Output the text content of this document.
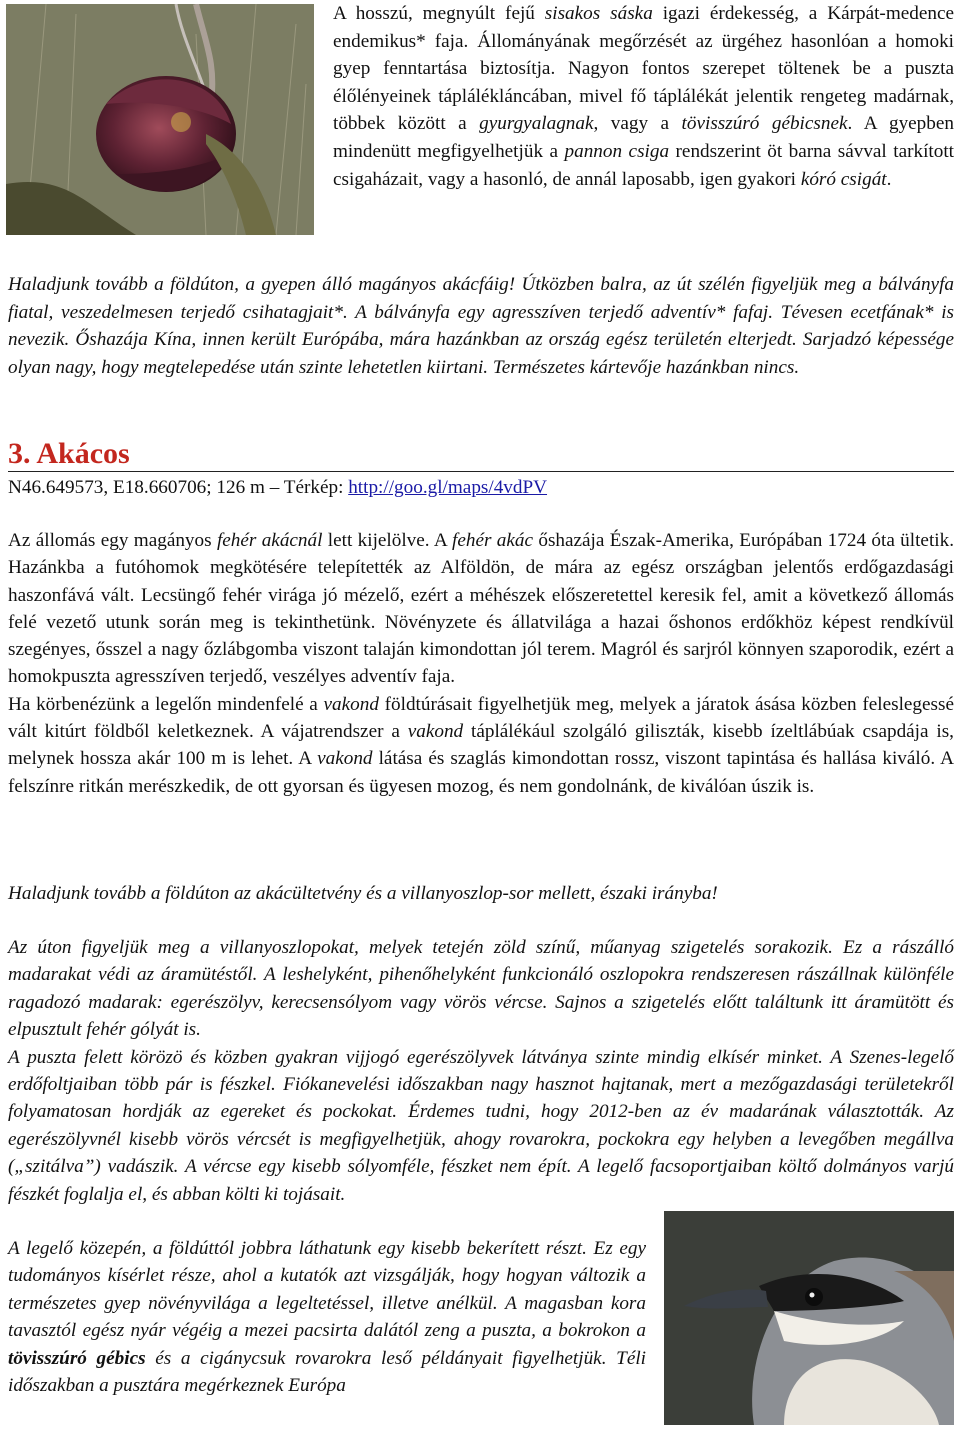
A hosszú, megnyúlt fejű sisakos sáska igazi érdekesség, a Kárpát-medence endemikus* faja. Állományának megőrzését az ürgéhez hasonlóan a homoki gyep fenntartása biztosítja. Nagyon fontos szerepet töltenek be a puszta élőlényeinek táplálékláncában, mivel fő táplálékát jelentik rengeteg madárnak, többek között a gyurgyalagnak, vagy a tövisszúró gébicsnek. A gyepben mindenütt megfigyelhetjük a pannon csiga rendszerint öt barna sávval tarkított csigaházait, vagy a hasonló, de annál laposabb, igen gyakori kóró csigát.

Haladjunk tovább a földúton, a gyepen álló magányos akácfáig! Útközben balra, az út szélén figyeljük meg a bálványfa fiatal, veszedelmesen terjedő csihatagjait*. A bálványfa egy agresszíven terjedő adventív* fafaj. Tévesen ecetfának* is nevezik. Őshazája Kína, innen került Európába, mára hazánkban az ország egész területén elterjedt. Sarjadzó képessége olyan nagy, hogy megtelepedése után szinte lehetetlen kiirtani. Természetes kártevője hazánkban nincs.

3. Akácos
N46.649573, E18.660706; 126 m – Térkép: http://goo.gl/maps/4vdPV

Az állomás egy magányos fehér akácnál lett kijelölve. A fehér akác őshazája Észak-Amerika, Európában 1724 óta ültetik. Hazánkba a futóhomok megkötésére telepítették az Alföldön, de mára az egész országban jelentős erdőgazdasági haszonfává vált. Lecsüngő fehér virága jó mézelő, ezért a méhészek előszeretettel keresik fel, amit a következő állomás felé vezető utunk során meg is tekinthetünk. Növényzete és állatvilága a hazai őshonos erdőkhöz képest rendkívül szegényes, ősszel a nagy őzlábgomba viszont talaján kimondottan jól terem. Magról és sarjról könnyen szaporodik, ezért a homokpuszta agresszíven terjedő, veszélyes adventív faja.

Ha körbenézünk a legelőn mindenfelé a vakond földtúrásait figyelhetjük meg, melyek a járatok ásása közben feleslegessé vált kitúrt földből keletkeznek. A vájatrendszer a vakond táplálékául szolgáló giliszták, kisebb ízeltlábúak csapdája is, melynek hossza akár 100 m is lehet. A vakond látása és szaglás kimondottan rossz, viszont tapintása és hallása kiváló. A felszínre ritkán merészkedik, de ott gyorsan és ügyesen mozog, és nem gondolnánk, de kiválóan úszik is.

Haladjunk tovább a földúton az akácültetvény és a villanyoszlop-sor mellett, északi irányba!

Az úton figyeljük meg a villanyoszlopokat, melyek tetején zöld színű, műanyag szigetelés sorakozik. Ez a rászálló madarakat védi az áramütéstől. A leshelyként, pihenőhelyként funkcionáló oszlopokra rendszeresen rászállnak különféle ragadozó madarak: egerészölyv, kerecsensólyom vagy vörös vércse. Sajnos a szigetelés előtt találtunk itt áramütött és elpusztult fehér gólyát is.

A puszta felett körözö és közben gyakran vijjogó egerészölyvek látványa szinte mindig elkísér minket. A Szenes-legelő erdőfoltjaiban több pár is fészkel. Fiókanevelési időszakban nagy hasznot hajtanak, mert a mezőgazdasági területekről folyamatosan hordják az egereket és pockokat. Érdemes tudni, hogy 2012-ben az év madarának választották. Az egerészölyvnél kisebb vörös vércsét is megfigyelhetjük, ahogy rovarokra, pockokra egy helyben a levegőben megállva („szitálva”) vadászik. A vércse egy kisebb sólyomféle, fészket nem épít. A legelő facsoportjaiban költő dolmányos varjú fészkét foglalja el, és abban költi ki tojásait.

A legelő közepén, a földúttól jobbra láthatunk egy kisebb bekerített részt. Ez egy tudományos kísérlet része, ahol a kutatók azt vizsgálják, hogy hogyan változik a természetes gyep növényvilága a legeltetéssel, illetve anélkül. A magasban kora tavasztól egész nyár végéig a mezei pacsirta dalától zeng a puszta, a bokrokon a tövisszúró gébics és a cigánycsuk rovarokra leső példányait figyelhetjük. Téli időszakban a pusztára megérkeznek Európa
